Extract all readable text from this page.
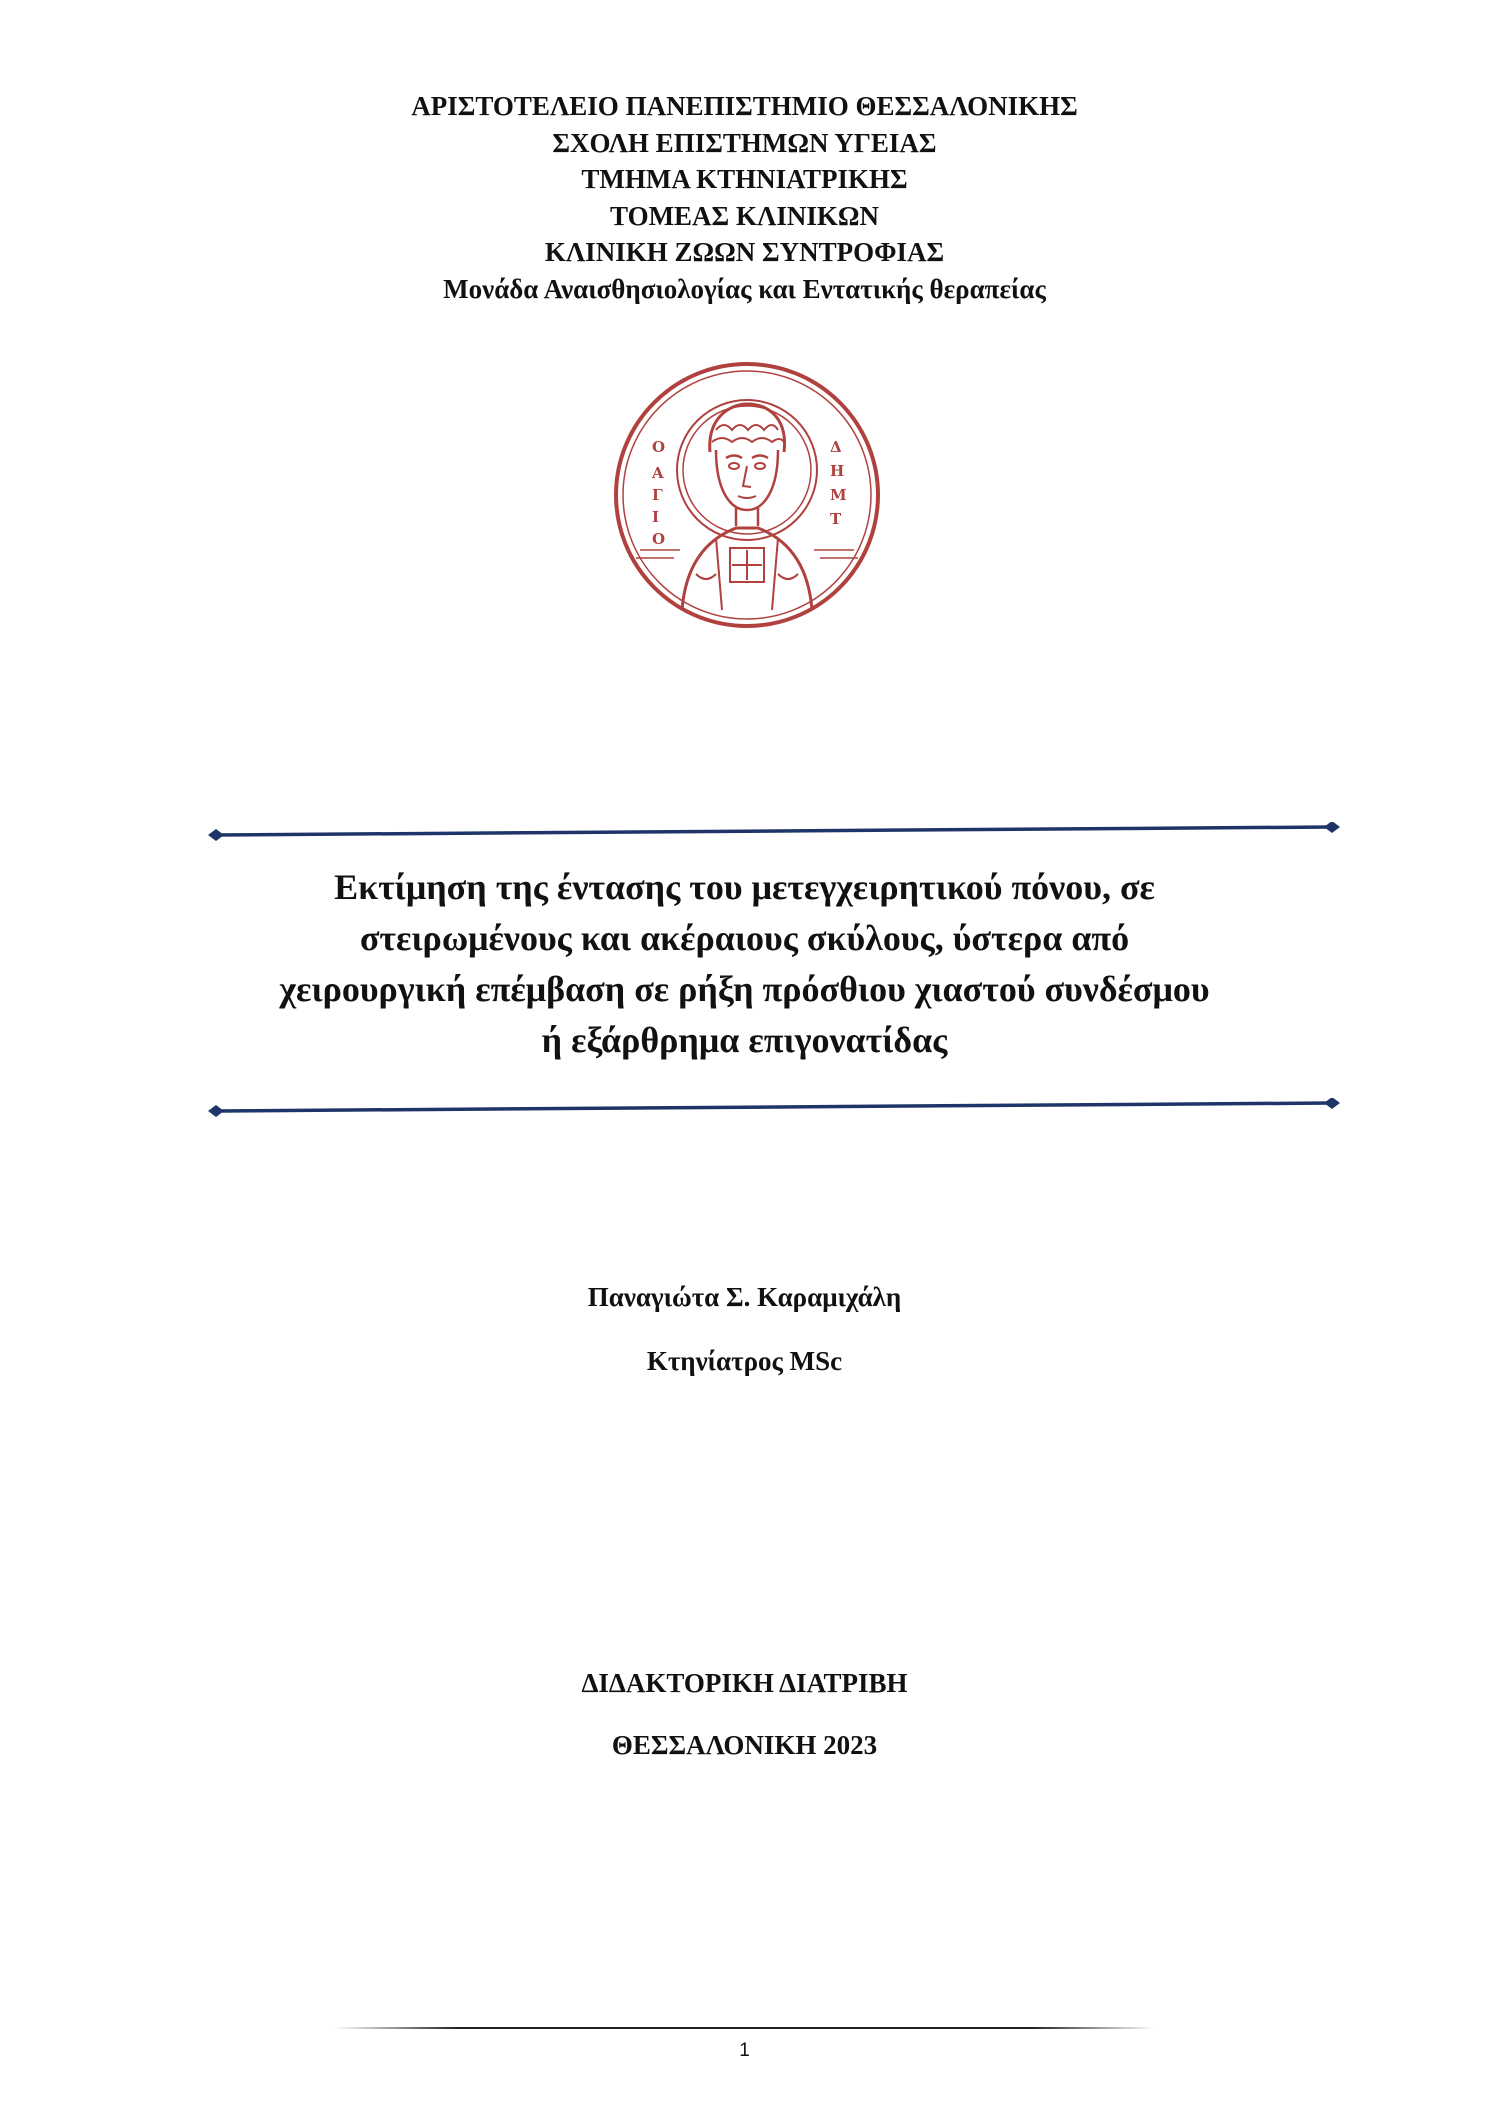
ΑΡΙΣΤΟΤΕΛΕΙΟ ΠΑΝΕΠΙΣΤΗΜΙΟ ΘΕΣΣΑΛΟΝΙΚΗΣ
ΣΧΟΛΗ ΕΠΙΣΤΗΜΩΝ ΥΓΕΙΑΣ
ΤΜΗΜΑ ΚΤΗΝΙΑΤΡΙΚΗΣ
ΤΟΜΕΑΣ ΚΛΙΝΙΚΩΝ
ΚΛΙΝΙΚΗ ΖΩΩΝ ΣΥΝΤΡΟΦΙΑΣ
Μονάδα Αναισθησιολογίας και Εντατικής θεραπείας
Ο
Α
Γ
Ι
Ο
Δ
Η
Μ
Τ
Εκτίμηση της έντασης του μετεγχειρητικού πόνου, σε
στειρωμένους και ακέραιους σκύλους, ύστερα από
χειρουργική επέμβαση σε ρήξη πρόσθιου χιαστού συνδέσμου
ή εξάρθρημα επιγονατίδας
Παναγιώτα Σ. Καραμιχάλη
Κτηνίατρος MSc
ΔΙΔΑΚΤΟΡΙΚΗ ΔΙΑΤΡΙΒΗ
ΘΕΣΣΑΛΟΝΙΚΗ 2023
1
